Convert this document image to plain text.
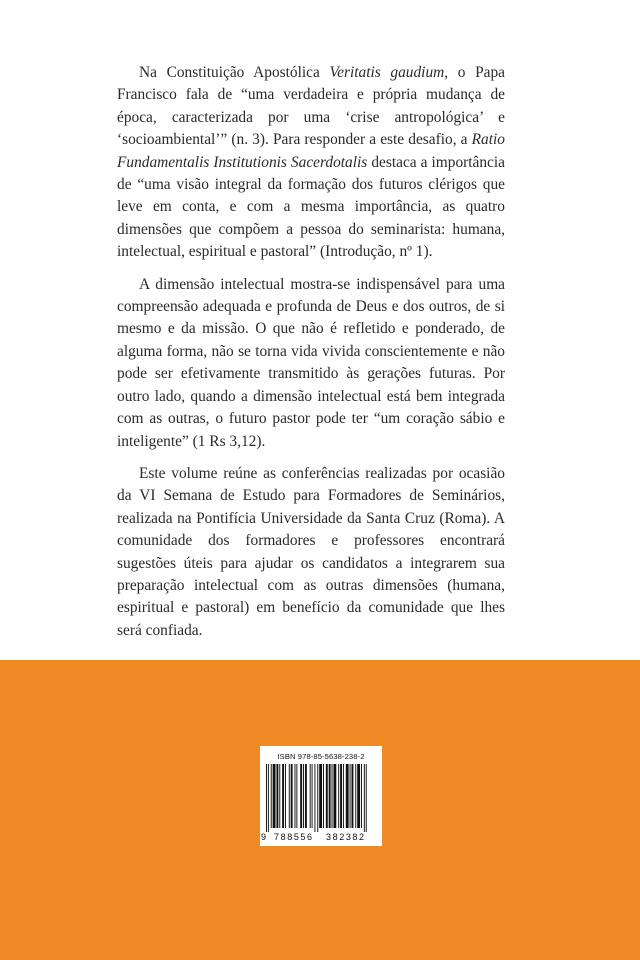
Na Constituição Apostólica Veritatis gaudium, o Papa Francisco fala de “uma verdadeira e própria mudança de época, caracterizada por uma ‘crise antropológica’ e ‘socioambiental’” (n. 3). Para responder a este desafio, a Ratio Fundamentalis Institutionis Sacerdotalis destaca a importância de “uma visão integral da formação dos futuros clérigos que leve em conta, e com a mesma importância, as quatro dimensões que compõem a pessoa do seminarista: humana, intelectual, espiritual e pastoral” (Introdução, nº 1).

A dimensão intelectual mostra-se indispensável para uma compreensão adequada e profunda de Deus e dos outros, de si mesmo e da missão. O que não é refletido e ponderado, de alguma forma, não se torna vida vivida conscientemente e não pode ser efetivamente transmitido às gerações futuras. Por outro lado, quando a dimensão intelectual está bem integrada com as outras, o futuro pastor pode ter “um coração sábio e inteligente” (1 Rs 3,12).

Este volume reúne as conferências realizadas por ocasião da VI Semana de Estudo para Formadores de Seminários, realizada na Pontifícia Universidade da Santa Cruz (Roma). A comunidade dos formadores e professores encontrará sugestões úteis para ajudar os candidatos a integrarem sua preparação intelectual com as outras dimensões (humana, espiritual e pastoral) em benefício da comunidade que lhes será confiada.

ISBN 978-85-5638-238-2
9 788556 382382
